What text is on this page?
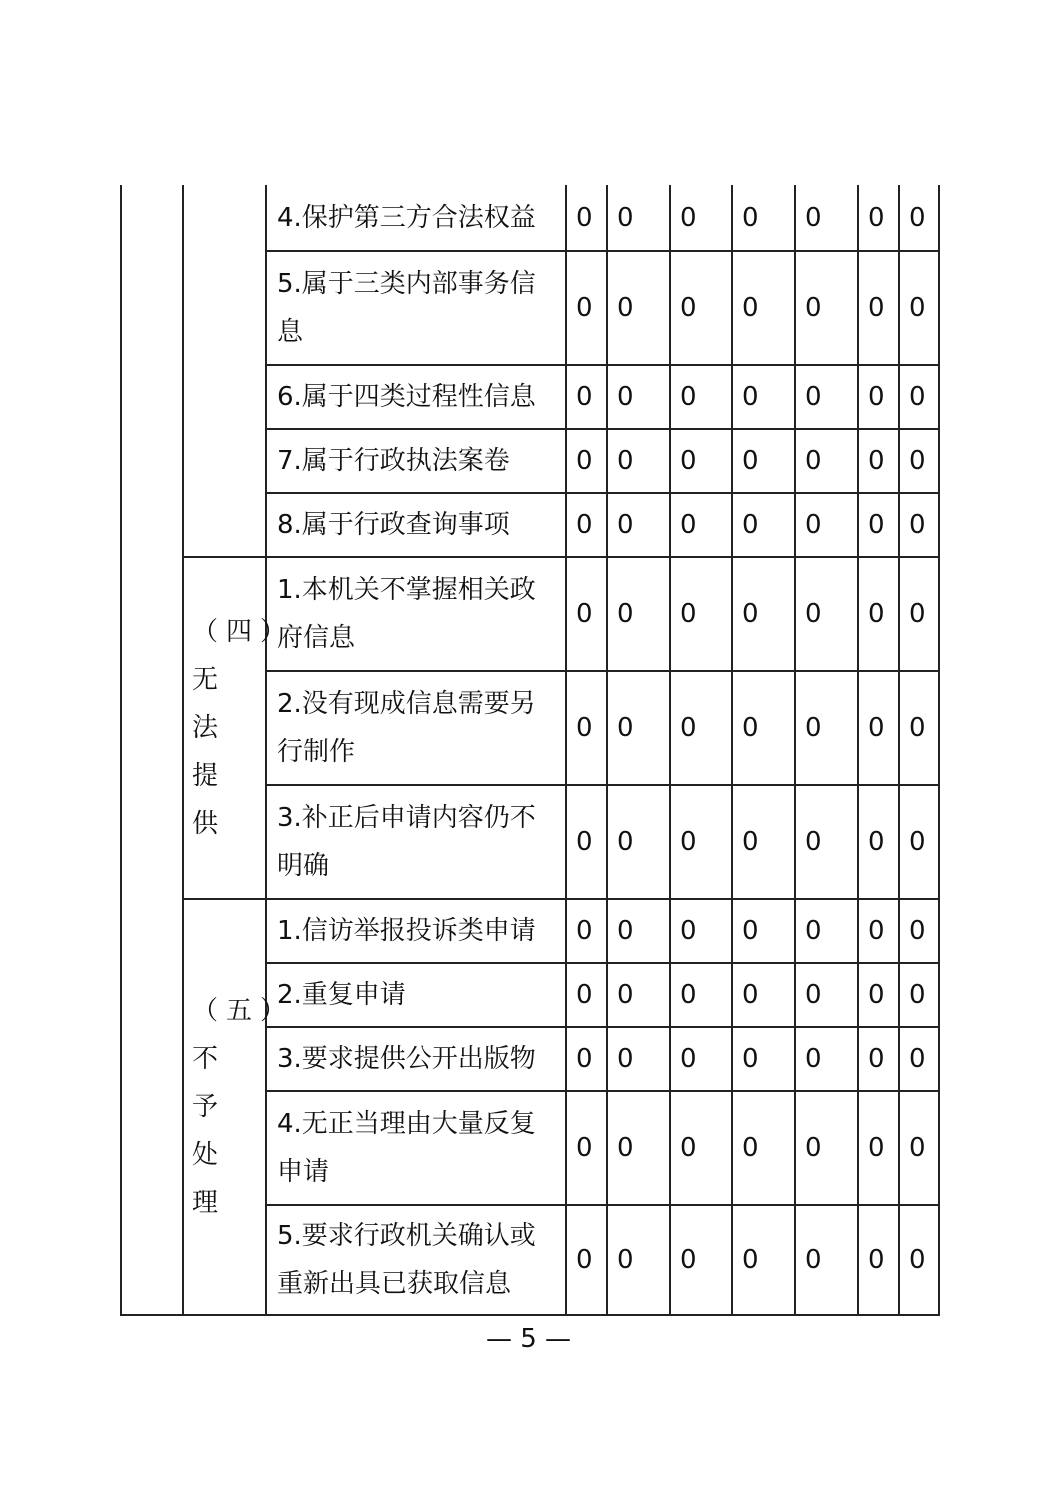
	4.保护第三方合法权益	0	0	0	0	0	0	0
		5.属于三类内部事务信息	0	0	0	0	0	0	0
		6.属于四类过程性信息	0	0	0	0	0	0	0
		7.属于行政执法案卷	0	0	0	0	0	0	0
		8.属于行政查询事项	0	0	0	0	0	0	0

	（四）无法提供	1.本机关不掌握相关政府信息	0	0	0	0	0	0	0
		2.没有现成信息需要另行制作	0	0	0	0	0	0	0
		3.补正后申请内容仍不明确	0	0	0	0	0	0	0

	（五）不予处理	1.信访举报投诉类申请	0	0	0	0	0	0	0
		2.重复申请	0	0	0	0	0	0	0
		3.要求提供公开出版物	0	0	0	0	0	0	0
		4.无正当理由大量反复申请	0	0	0	0	0	0	0
		5.要求行政机关确认或重新出具已获取信息	0	0	0	0	0	0	0
— 5 —
